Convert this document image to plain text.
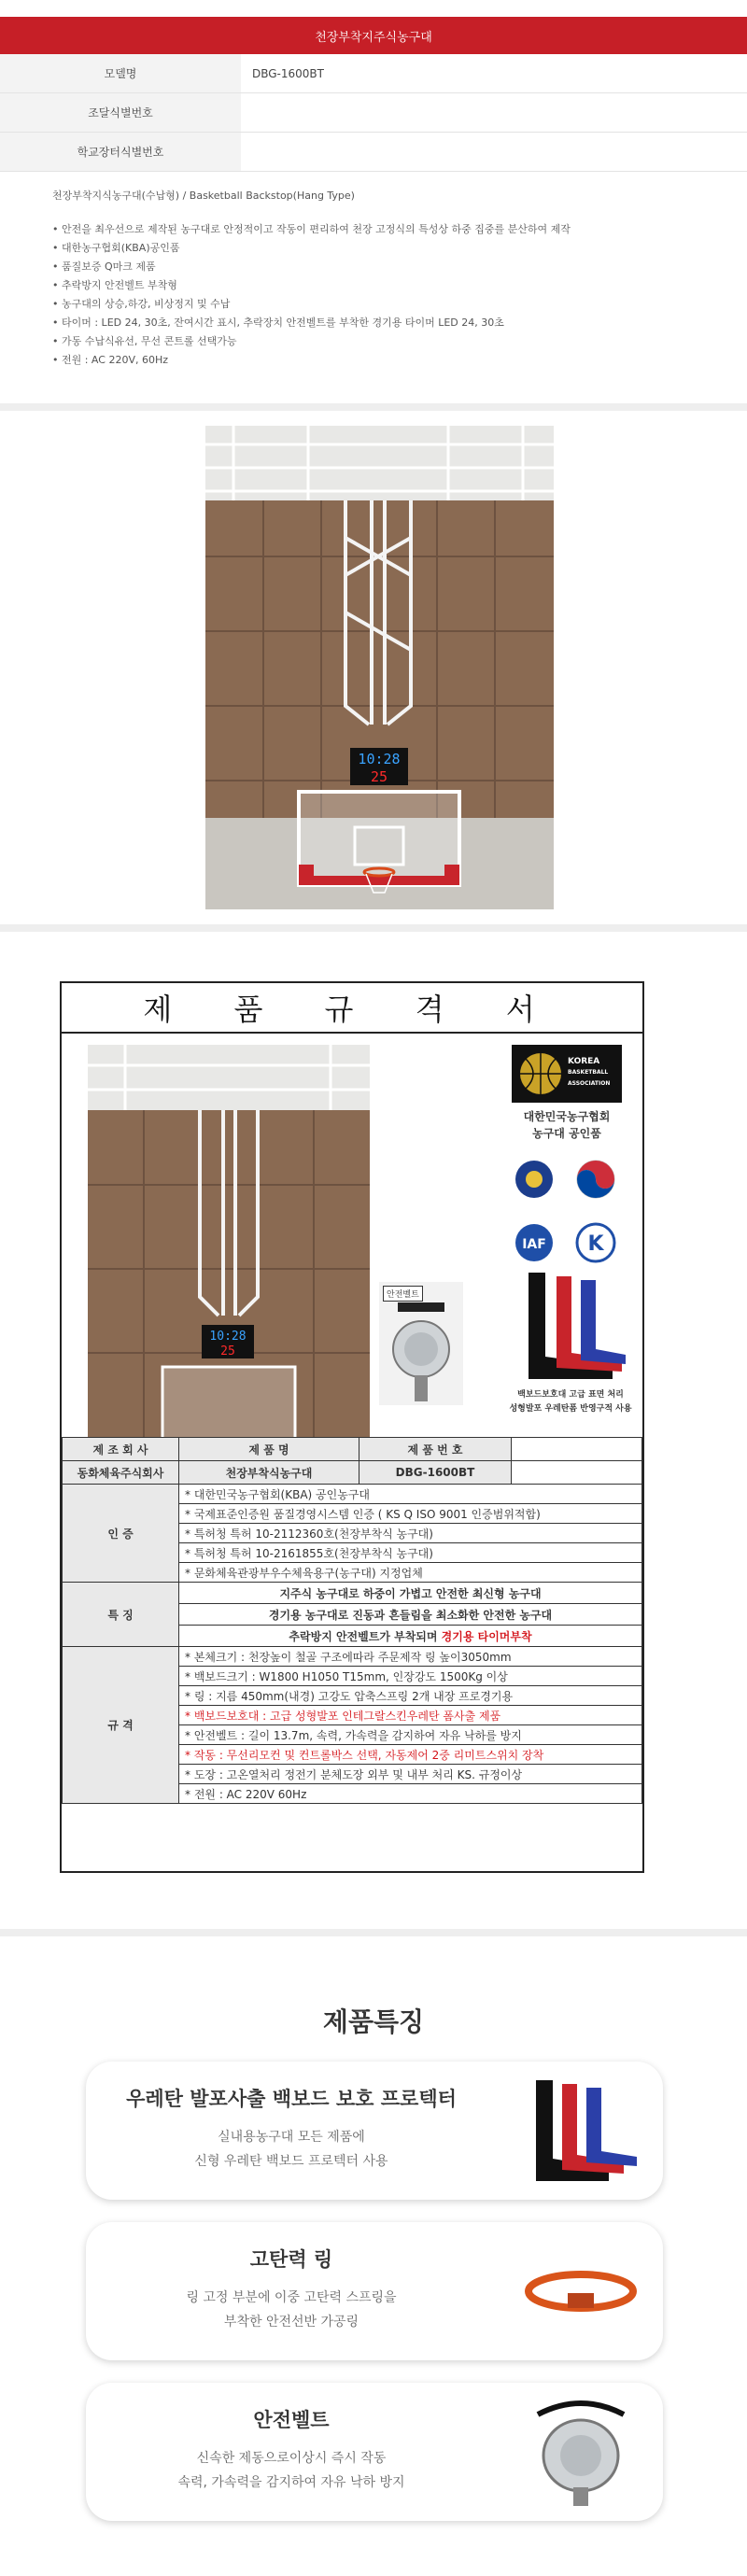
천장부착지주식농구대
모델명	DBG-1600BT
조달식별번호
학교장터식별번호
천장부착지식농구대(수납형) / Basketball Backstop(Hang Type)
• 안전을 최우선으로 제작된 농구대로 안정적이고 작동이 편리하여 천장 고정식의 특성상 하중 집중를 분산하여 제작
• 대한농구협회(KBA)공인품
• 품질보증 Q마크 제품
• 추락방지 안전벨트 부착형
• 농구대의 상승,하강, 비상정지 및 수납
• 타이머 : LED 24, 30초, 잔여시간 표시, 추락장치 안전벨트를 부착한 경기용 타이머 LED 24, 30초
• 가동 수납식유선, 무선 콘트롤 선택가능
• 전원 : AC 220V, 60Hz
10:28
25
제 품 규 격 서
10:28
25
KOREA
BASKETBALL
ASSOCIATION
대한민국농구협회
농구대 공인품
IAF K
안전벨트
백보드보호대 고급 표면 처리
성형발포 우레탄폼 반영구적 사용
제 조 회 사	제 품 명	제 품 번 호	
동화체육주식회사	천장부착식농구대	DBG-1600BT	
인 증	* 대한민국농구협회(KBA) 공인농구대
	* 국제표준인증원 품질경영시스템 인증 ( KS Q ISO 9001 인증범위적합)
	* 특허청 특허 10-2112360호(천장부착식 농구대)
	* 특허청 특허 10-2161855호(천장부착식 농구대)
	* 문화체육관광부우수체육용구(농구대) 지정업체
특 징	지주식 농구대로 하중이 가볍고 안전한 최신형 농구대
	경기용 농구대로 진동과 흔들림을 최소화한 안전한 농구대
	추락방지 안전벨트가 부착되며 경기용 타이머부착
규 격	* 본체크기 : 천장높이 철골 구조에따라 주문제작 링 높이3050mm
	* 백보드크기 : W1800 H1050 T15mm, 인장강도 1500Kg 이상
	* 링 : 지름 450mm(내경) 고강도 압축스프링 2개 내장 프로경기용
	* 백보드보호대 : 고급 성형발포 인테그랄스킨우레탄 폼사출 제품
	* 안전벨트 : 길이 13.7m, 속력, 가속력을 감지하여 자유 낙하를 방지
	* 작동 : 무선리모컨 및 컨트롤박스 선택, 자동제어 2중 리미트스위치 장착
	* 도장 : 고온열처리 정전기 분체도장 외부 및 내부 처리 KS. 규정이상
	* 전원 : AC 220V 60Hz
제품특징
우레탄 발포사출 백보드 보호 프로텍터
실내용농구대 모든 제품에
신형 우레탄 백보드 프로텍터 사용
고탄력 링
링 고정 부분에 이중 고탄력 스프링을
부착한 안전선반 가공링
안전벨트
신속한 제동으로이상시 즉시 작동
속력, 가속력을 감지하여 자유 낙하 방지
